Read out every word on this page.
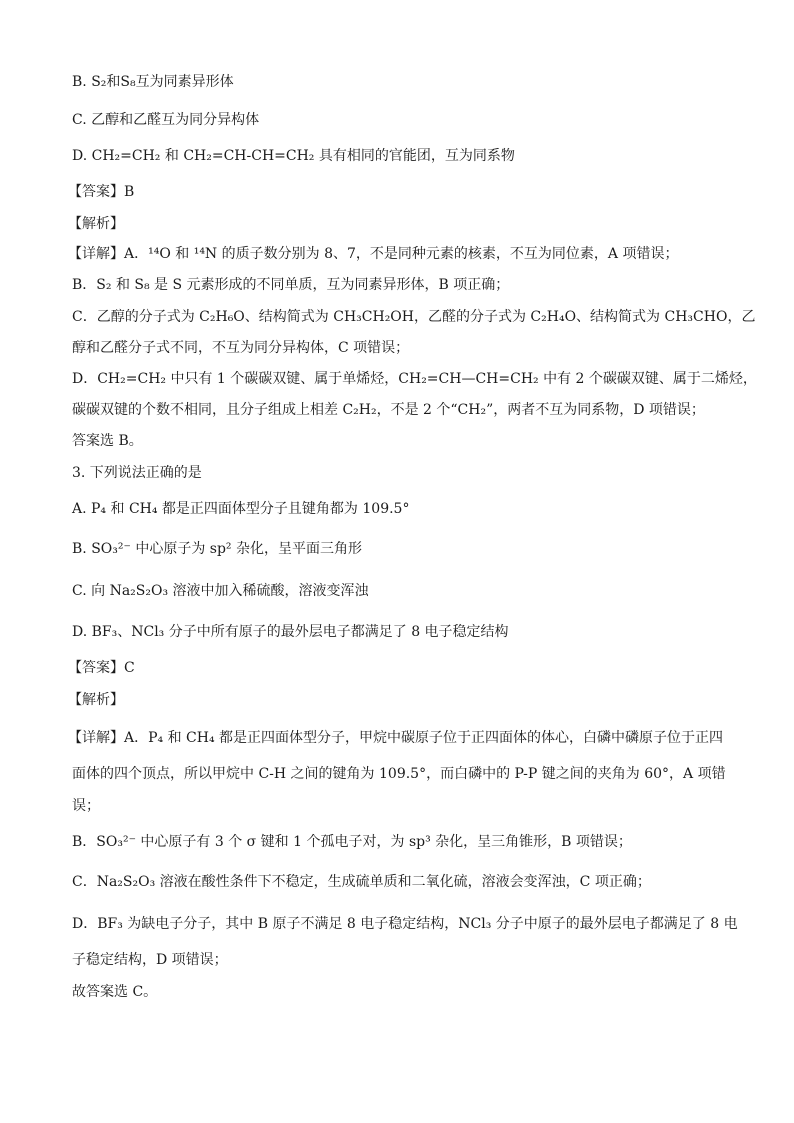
B. S₂和S₈互为同素异形体
C. 乙醇和乙醛互为同分异构体
D. CH₂=CH₂ 和 CH₂=CH-CH=CH₂ 具有相同的官能团，互为同系物
【答案】B
【解析】
【详解】A．¹⁴O 和 ¹⁴N 的质子数分别为 8、7，不是同种元素的核素，不互为同位素，A 项错误；
B．S₂ 和 S₈ 是 S 元素形成的不同单质，互为同素异形体，B 项正确；
C．乙醇的分子式为 C₂H₆O、结构简式为 CH₃CH₂OH，乙醛的分子式为 C₂H₄O、结构简式为 CH₃CHO，乙
醇和乙醛分子式不同，不互为同分异构体，C 项错误；
D．CH₂=CH₂ 中只有 1 个碳碳双键、属于单烯烃，CH₂=CH—CH=CH₂ 中有 2 个碳碳双键、属于二烯烃，
碳碳双键的个数不相同，且分子组成上相差 C₂H₂，不是 2 个“CH₂”，两者不互为同系物，D 项错误；
答案选 B。
3. 下列说法正确的是
A. P₄ 和 CH₄ 都是正四面体型分子且键角都为 109.5°
B. SO₃²⁻ 中心原子为 sp² 杂化，呈平面三角形
C. 向 Na₂S₂O₃ 溶液中加入稀硫酸，溶液变浑浊
D. BF₃、NCl₃ 分子中所有原子的最外层电子都满足了 8 电子稳定结构
【答案】C
【解析】
【详解】A．P₄ 和 CH₄ 都是正四面体型分子，甲烷中碳原子位于正四面体的体心，白磷中磷原子位于正四
面体的四个顶点，所以甲烷中 C-H 之间的键角为 109.5°，而白磷中的 P-P 键之间的夹角为 60°，A 项错
误；
B．SO₃²⁻ 中心原子有 3 个 σ 键和 1 个孤电子对，为 sp³ 杂化，呈三角锥形，B 项错误；
C．Na₂S₂O₃ 溶液在酸性条件下不稳定，生成硫单质和二氧化硫，溶液会变浑浊，C 项正确；
D．BF₃ 为缺电子分子，其中 B 原子不满足 8 电子稳定结构，NCl₃ 分子中原子的最外层电子都满足了 8 电
子稳定结构，D 项错误；
故答案选 C。
